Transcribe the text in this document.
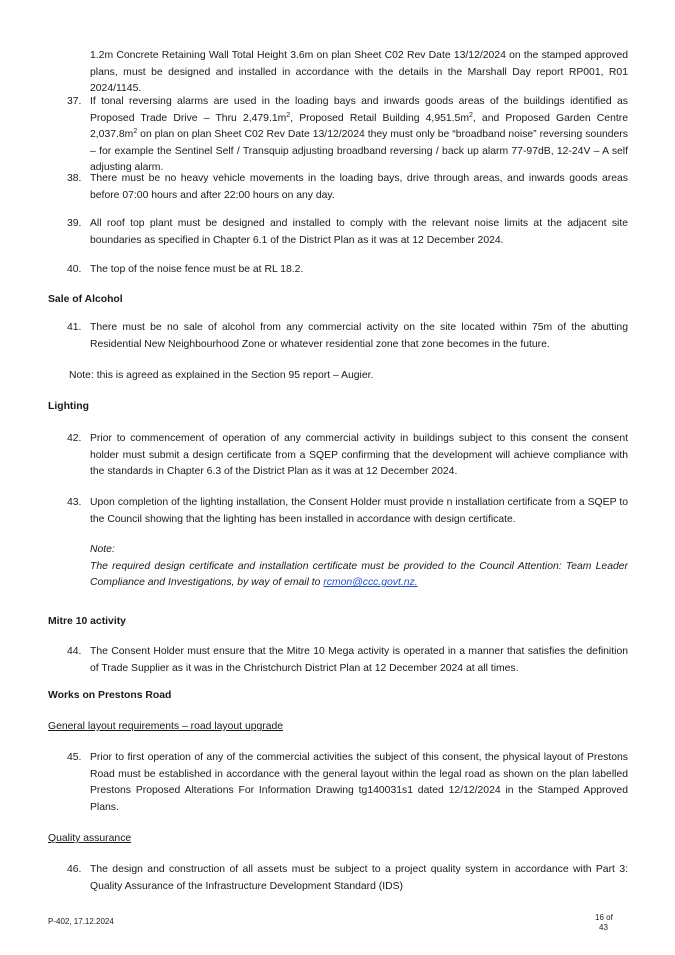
1.2m Concrete Retaining Wall Total Height 3.6m on plan Sheet C02 Rev Date 13/12/2024 on the stamped approved plans, must be designed and installed in accordance with the details in the Marshall Day report RP001, R01 2024/1145.
37. If tonal reversing alarms are used in the loading bays and inwards goods areas of the buildings identified as Proposed Trade Drive – Thru $2,479.1m^2$, Proposed Retail Building $4,951.5m^2$, and Proposed Garden Centre $2,037.8m^2$ on plan on plan Sheet C02 Rev Date 13/12/2024 they must only be “broadband noise” reversing sounders – for example the Sentinel Self / Transquip adjusting broadband reversing / back up alarm 77-97dB, 12-24V – A self adjusting alarm.
38. There must be no heavy vehicle movements in the loading bays, drive through areas, and inwards goods areas before 07:00 hours and after 22:00 hours on any day.
39. All roof top plant must be designed and installed to comply with the relevant noise limits at the adjacent site boundaries as specified in Chapter 6.1 of the District Plan as it was at 12 December 2024.
40. The top of the noise fence must be at RL 18.2.
Sale of Alcohol
41. There must be no sale of alcohol from any commercial activity on the site located within 75m of the abutting Residential New Neighbourhood Zone or whatever residential zone that zone becomes in the future.
Note: this is agreed as explained in the Section 95 report – Augier.
Lighting
42. Prior to commencement of operation of any commercial activity in buildings subject to this consent the consent holder must submit a design certificate from a SQEP confirming that the development will achieve compliance with the standards in Chapter 6.3 of the District Plan as it was at 12 December 2024.
43. Upon completion of the lighting installation, the Consent Holder must provide n installation certificate from a SQEP to the Council showing that the lighting has been installed in accordance with design certificate.
Note:
The required design certificate and installation certificate must be provided to the Council Attention: Team Leader Compliance and Investigations, by way of email to rcmon@ccc.govt.nz.
Mitre 10 activity
44. The Consent Holder must ensure that the Mitre 10 Mega activity is operated in a manner that satisfies the definition of Trade Supplier as it was in the Christchurch District Plan at 12 December 2024 at all times.
Works on Prestons Road
General layout requirements – road layout upgrade
45. Prior to first operation of any of the commercial activities the subject of this consent, the physical layout of Prestons Road must be established in accordance with the general layout within the legal road as shown on the plan labelled Prestons Proposed Alterations For Information Drawing tg140031s1 dated 12/12/2024 in the Stamped Approved Plans.
Quality assurance
46. The design and construction of all assets must be subject to a project quality system in accordance with Part 3: Quality Assurance of the Infrastructure Development Standard (IDS)
P-402, 17.12.2024	16 of
43
